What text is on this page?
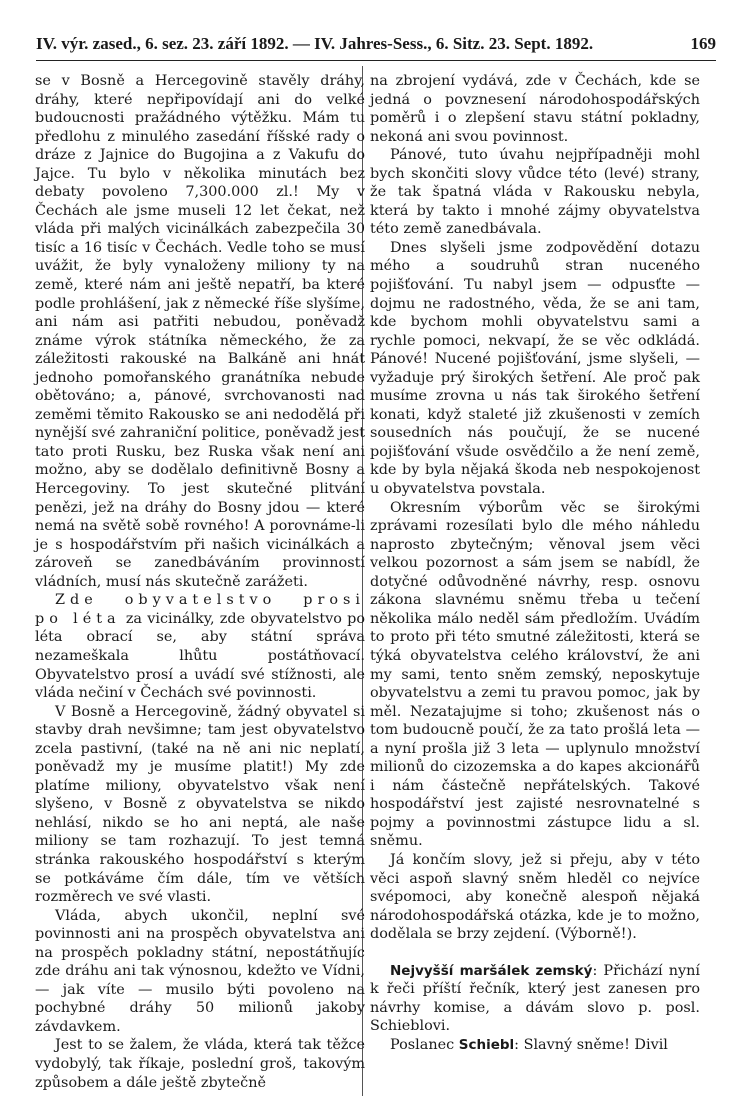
IV. výr. zased., 6. sez. 23. září 1892. — IV. Jahres-Sess., 6. Sitz. 23. Sept. 1892.	169

se v Bosně a Hercegovině stavěly dráhy, dráhy, které nepřipovídají ani do velké budoucnosti pražádného výtěžku. Mám tu předlohu z minulého zasedání říšské rady o dráze z Jajnice do Bugojina a z Vakufu do Jajce. Tu bylo v několika minutách bez debaty povoleno 7,300.000 zl.! My v Čechách ale jsme museli 12 let čekat, než vláda při malých vicinálkách zabezpečila 30 tisíc a 16 tisíc v Čechách. Vedle toho se musí uvážit, že byly vynaloženy miliony ty na země, které nám ani ještě nepatří, ba které podle prohlášení, jak z německé říše slyšíme, ani nám asi patřiti nebudou, poněvadž známe výrok státníka německého, že za záležitosti rakouské na Balkáně ani hnát jednoho pomořanského granátníka nebude obětováno; a, pánové, svrchovanosti nad zeměmi těmito Rakousko se ani nedodělá při nynější své zahraniční politice, poněvadž jest tato proti Rusku, bez Ruska však není ani možno, aby se dodělalo definitivně Bosny a Hercegoviny. To jest skutečné plitvání penězi, jež na dráhy do Bosny jdou — které nemá na světě sobě rovného! A porovnáme-li je s hospodářstvím při našich vicinálkách a zároveň se zanedbáváním provinností vládních, musí nás skutečně zarážeti.

Zde obyvatelstvo prosi po léta za vicinálky, zde obyvatelstvo po léta obrací se, aby státní správa nezameškala lhůtu postátňovací. Obyvatelstvo prosí a uvádí své stížnosti, ale vláda nečiní v Čechách své povinnosti.

V Bosně a Hercegovině, žádný obyvatel si stavby drah nevšimne; tam jest obyvatelstvo zcela pastivní, (také na ně ani nic neplatí, poněvadž my je musíme platit!) My zde platíme miliony, obyvatelstvo však není slyšeno, v Bosně z obyvatelstva se nikdo nehlásí, nikdo se ho ani neptá, ale naše miliony se tam rozhazují. To jest temná stránka rakouského hospodářství s kterým se potkáváme čím dále, tím ve větších rozměrech ve své vlasti.

Vláda, abych ukončil, neplní své povinnosti ani na prospěch obyvatelstva ani na prospěch pokladny státní, nepostátňujíc zde dráhu ani tak výnosnou, kdežto ve Vídni, — jak víte — musilo býti povoleno na pochybné dráhy 50 milionů jakoby závdavkem.

Jest to se žalem, že vláda, která tak těžce vydobylý, tak říkaje, poslední groš, takovým způsobem a dále ještě zbytečně

na zbrojení vydává, zde v Čechách, kde se jedná o povznesení národohospodářských poměrů i o zlepšení stavu státní pokladny, nekoná ani svou povinnost.

Pánové, tuto úvahu nejpřípadněji mohl bych skončiti slovy vůdce této (levé) strany, že tak špatná vláda v Rakousku nebyla, která by takto i mnohé zájmy obyvatelstva této země zanedbávala.

Dnes slyšeli jsme zodpovědění dotazu mého a soudruhů stran nuceného pojišťování. Tu nabyl jsem — odpusťte — dojmu ne radostného, věda, že se ani tam, kde bychom mohli obyvatelstvu sami a rychle pomoci, nekvapí, že se věc odkládá. Pánové! Nucené pojišťování, jsme slyšeli, — vyžaduje prý širokých šetření. Ale proč pak musíme zrovna u nás tak širokého šetření konati, když staleté již zkušenosti v zemích sousedních nás poučují, že se nucené pojišťování všude osvědčilo a že není země, kde by byla nějaká škoda neb nespokojenost u obyvatelstva povstala.

Okresním výborům věc se širokými zprávami rozesílati bylo dle mého náhledu naprosto zbytečným; věnoval jsem věci velkou pozornost a sám jsem se nabídl, že dotyčné odůvodněné návrhy, resp. osnovu zákona slavnému sněmu třeba u tečení několika málo neděl sám předložím. Uvádím to proto při této smutné záležitosti, která se týká obyvatelstva celého království, že ani my sami, tento sněm zemský, neposkytuje obyvatelstvu a zemi tu pravou pomoc, jak by měl. Nezatajujme si toho; zkušenost nás o tom budoucně poučí, že za tato prošlá leta — a nyní prošla již 3 leta — uplynulo množství milionů do cizozemska a do kapes akcionářů i nám částečně nepřátelských. Takové hospodářství jest zajisté nesrovnatelné s pojmy a povinnostmi zástupce lidu a sl. sněmu.

Já končím slovy, jež si přeju, aby v této věci aspoň slavný sněm hleděl co nejvíce svépomoci, aby konečně alespoň nějaká národohospodářská otázka, kde je to možno, dodělala se brzy zejdení. (Výborně!).

Nejvyšší maršálek zemský: Přichází nyní k řeči příští řečník, který jest zanesen pro návrhy komise, a dávám slovo p. posl. Schieblovi.

Poslanec Schiebl: Slavný sněme! Divil
